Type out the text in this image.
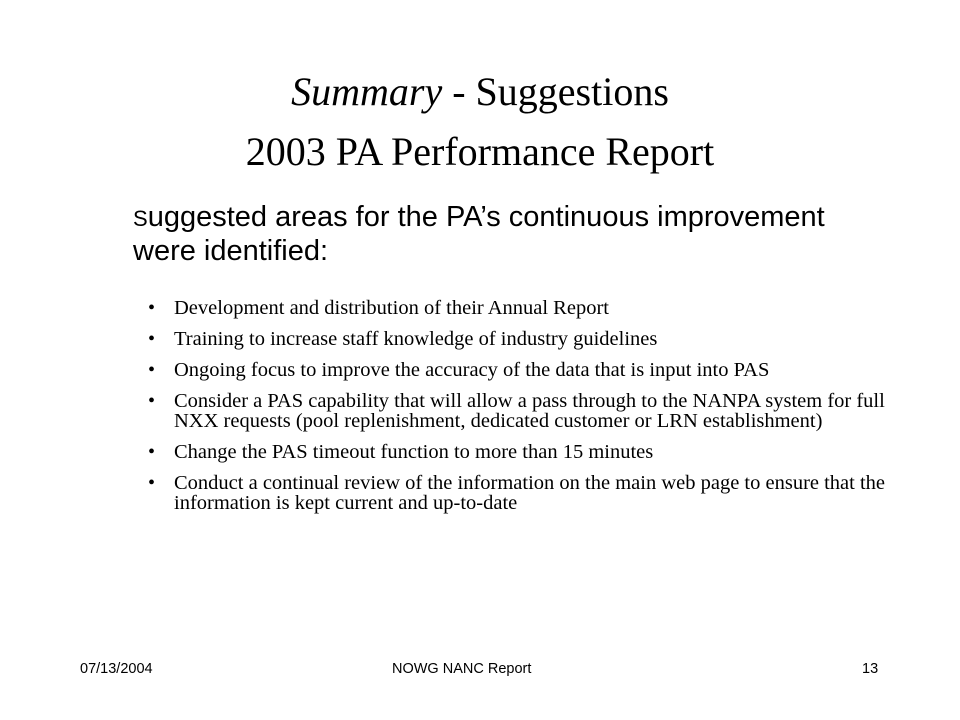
Summary - Suggestions
2003 PA Performance Report
Suggested areas for the PA’s continuous improvement were identified:
• Development and distribution of their Annual Report
• Training to increase staff knowledge of industry guidelines
• Ongoing focus to improve the accuracy of the data that is input into PAS
• Consider a PAS capability that will allow a pass through to the NANPA system for full NXX requests (pool replenishment, dedicated customer or LRN establishment)
• Change the PAS timeout function to more than 15 minutes
• Conduct a continual review of the information on the main web page to ensure that the information is kept current and up-to-date
07/13/2004	NOWG NANC Report	13
